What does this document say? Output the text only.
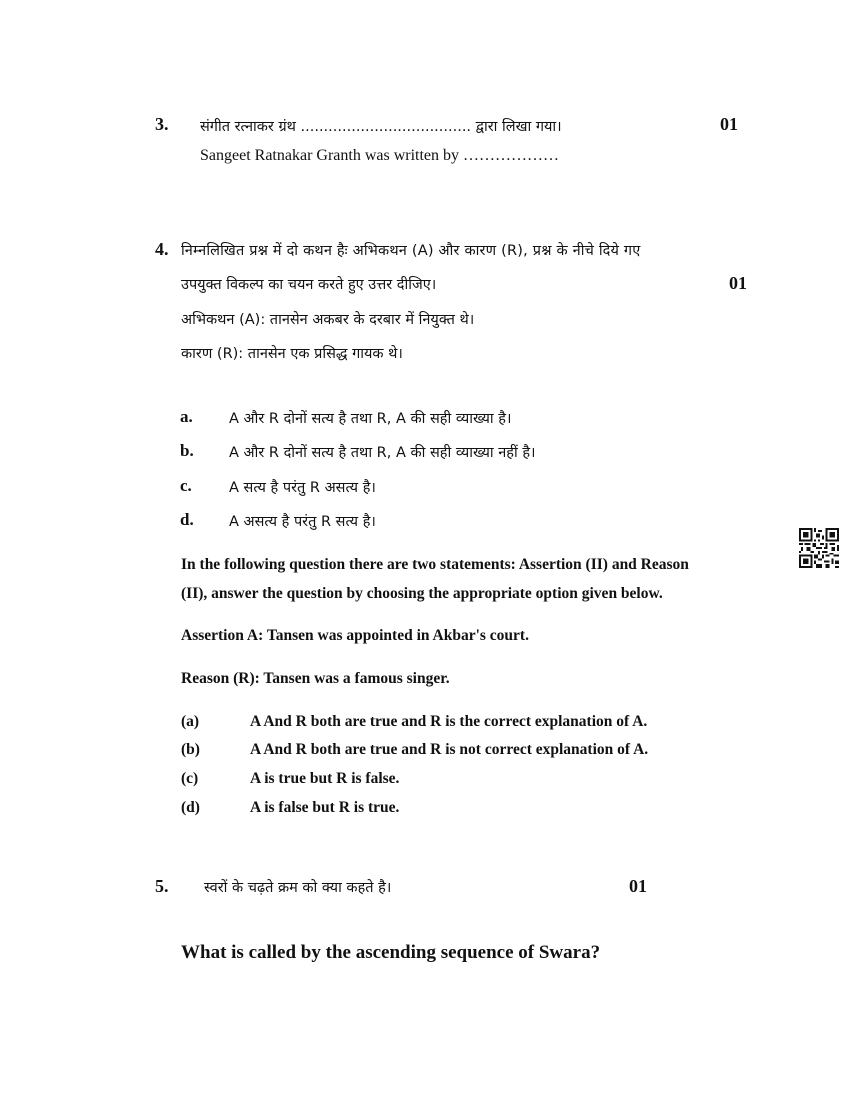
3. संगीत रत्नाकर ग्रंथ ..................................... द्वारा लिखा गया।	01
Sangeet Ratnakar Granth was written by ………………
4. निम्नलिखित प्रश्न में दो कथन हैः अभिकथन (A) और कारण (R), प्रश्न के नीचे दिये गए
उपयुक्त विकल्प का चयन करते हुए उत्तर दीजिए।	01
अभिकथन (A): तानसेन अकबर के दरबार में नियुक्त थे।
कारण (R): तानसेन एक प्रसिद्ध गायक थे।
a.	A और R दोनों सत्य है तथा R, A की सही व्याख्या है।
b. A और R दोनों सत्य है तथा R, A की सही व्याख्या नहीं है।
c.	A सत्य है परंतु R असत्य है।
d. A असत्य है परंतु R सत्य है।
In the following question there are two statements: Assertion (II) and Reason
(II), answer the question by choosing the appropriate option given below.
Assertion A: Tansen was appointed in Akbar's court.
Reason (R): Tansen was a famous singer.
(a)	A And R both are true and R is the correct explanation of A.
(b)	A And R both are true and R is not correct explanation of A.
(c)	A is true but R is false.
(d)	A is false but R is true.
5. स्वरों के चढ़ते क्रम को क्या कहते है।	01
What is called by the ascending sequence of Swara?
